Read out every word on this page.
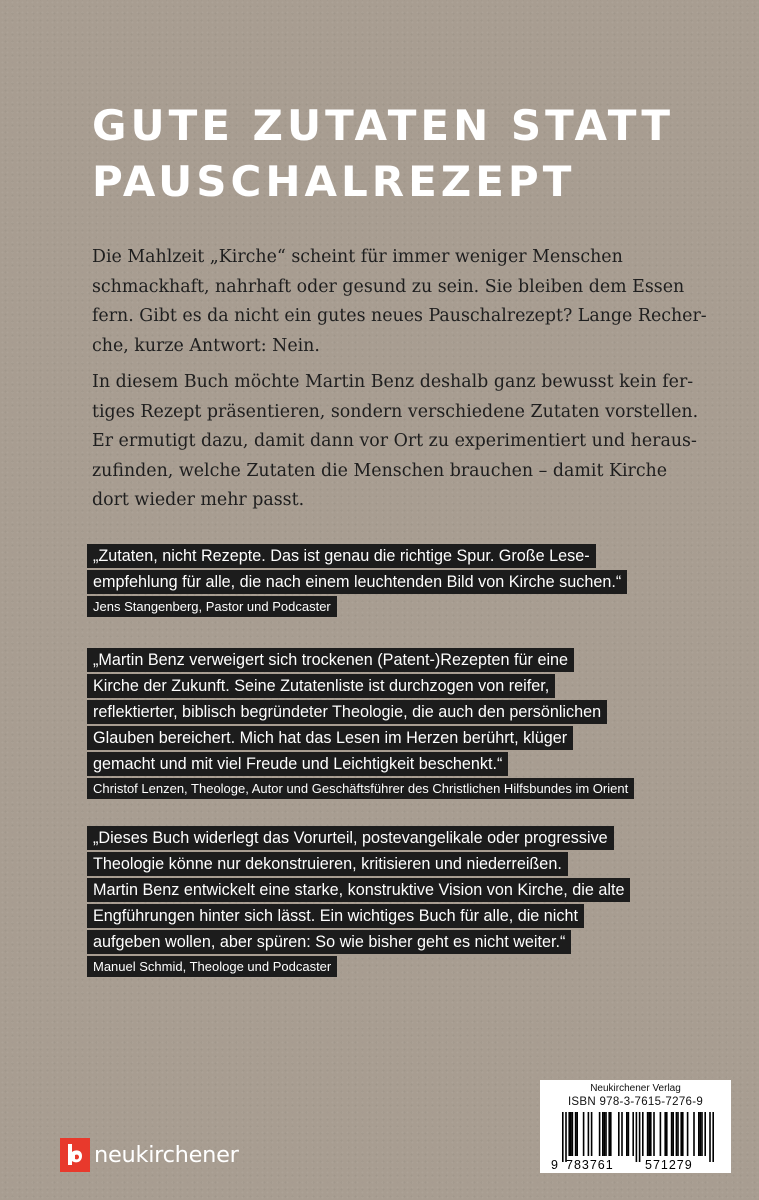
GUTE ZUTATEN STATT
PAUSCHALREZEPT

Die Mahlzeit „Kirche“ scheint für immer weniger Menschen
schmackhaft, nahrhaft oder gesund zu sein. Sie bleiben dem Essen
fern. Gibt es da nicht ein gutes neues Pauschalrezept? Lange Recher-
che, kurze Antwort: Nein.

In diesem Buch möchte Martin Benz deshalb ganz bewusst kein fer-
tiges Rezept präsentieren, sondern verschiedene Zutaten vorstellen.
Er ermutigt dazu, damit dann vor Ort zu experimentiert und heraus-
zufinden, welche Zutaten die Menschen brauchen – damit Kirche
dort wieder mehr passt.

„Zutaten, nicht Rezepte. Das ist genau die richtige Spur. Große Lese-
empfehlung für alle, die nach einem leuchtenden Bild von Kirche suchen.“
Jens Stangenberg, Pastor und Podcaster
„Martin Benz verweigert sich trockenen (Patent-)Rezepten für eine
Kirche der Zukunft. Seine Zutatenliste ist durchzogen von reifer,
reflektierter, biblisch begründeter Theologie, die auch den persönlichen
Glauben bereichert. Mich hat das Lesen im Herzen berührt, klüger
gemacht und mit viel Freude und Leichtigkeit beschenkt.“
Christof Lenzen, Theologe, Autor und Geschäftsführer des Christlichen Hilfsbundes im Orient
„Dieses Buch widerlegt das Vorurteil, postevangelikale oder progressive
Theologie könne nur dekonstruieren, kritisieren und niederreißen.
Martin Benz entwickelt eine starke, konstruktive Vision von Kirche, die alte
Engführungen hinter sich lässt. Ein wichtiges Buch für alle, die nicht
aufgeben wollen, aber spüren: So wie bisher geht es nicht weiter.“
Manuel Schmid, Theologe und Podcaster
Neukirchener Verlag
ISBN 978-3-7615-7276-9
9 783761	571279
neukirchener
